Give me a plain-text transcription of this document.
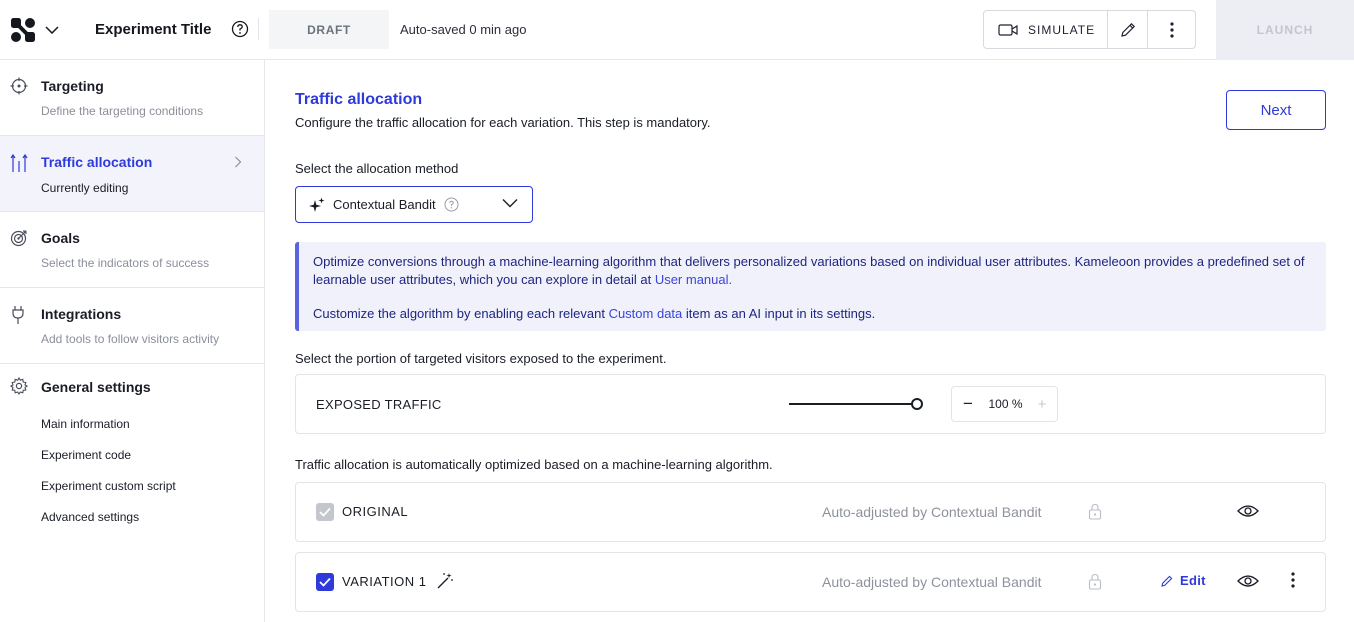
Experiment Title	DRAFT	Auto-saved 0 min ago	SIMULATE	LAUNCH
Targeting
Define the targeting conditions
Traffic allocation
Currently editing
Goals
Select the indicators of success
Integrations
Add tools to follow visitors activity
General settings
Main information
Experiment code
Experiment custom script
Advanced settings
Traffic allocation
Configure the traffic allocation for each variation. This step is mandatory.
Next
Select the allocation method
Contextual Bandit

Optimize conversions through a machine-learning algorithm that delivers personalized variations based on individual user attributes. Kameleoon provides a predefined set of learnable user attributes, which you can explore in detail at User manual.

Customize the algorithm by enabling each relevant Custom data item as an AI input in its settings.

Select the portion of targeted visitors exposed to the experiment.
EXPOSED TRAFFIC	−	100 %	+
Traffic allocation is automatically optimized based on a machine-learning algorithm.
ORIGINAL	Auto-adjusted by Contextual Bandit
VARIATION 1	Auto-adjusted by Contextual Bandit	Edit
